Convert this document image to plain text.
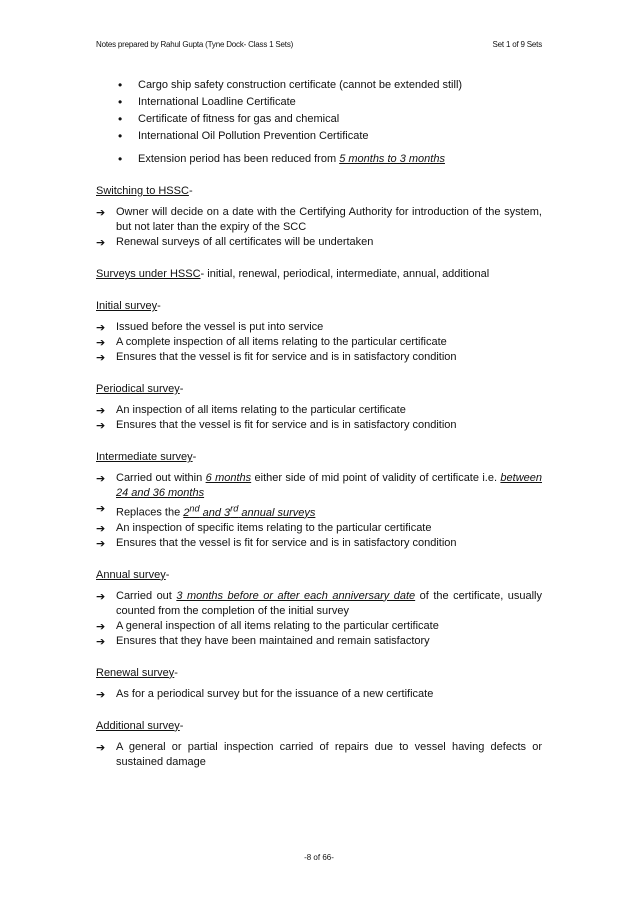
Notes prepared by Rahul Gupta (Tyne Dock- Class 1 Sets)	Set 1 of 9 Sets
• Cargo ship safety construction certificate (cannot be extended still)
• International Loadline Certificate
• Certificate of fitness for gas and chemical
• International Oil Pollution Prevention Certificate
• Extension period has been reduced from 5 months to 3 months
Switching to HSSC-
➔ Owner will decide on a date with the Certifying Authority for introduction of the system, but not later than the expiry of the SCC
➔ Renewal surveys of all certificates will be undertaken
Surveys under HSSC- initial, renewal, periodical, intermediate, annual, additional
Initial survey-
➔ Issued before the vessel is put into service
➔ A complete inspection of all items relating to the particular certificate
➔ Ensures that the vessel is fit for service and is in satisfactory condition
Periodical survey-
➔ An inspection of all items relating to the particular certificate
➔ Ensures that the vessel is fit for service and is in satisfactory condition
Intermediate survey-
➔ Carried out within 6 months either side of mid point of validity of certificate i.e. between 24 and 36 months
➔ Replaces the 2nd and 3rd annual surveys
➔ An inspection of specific items relating to the particular certificate
➔ Ensures that the vessel is fit for service and is in satisfactory condition
Annual survey-
➔ Carried out 3 months before or after each anniversary date of the certificate, usually counted from the completion of the initial survey
➔ A general inspection of all items relating to the particular certificate
➔ Ensures that they have been maintained and remain satisfactory
Renewal survey-
➔ As for a periodical survey but for the issuance of a new certificate
Additional survey-
➔ A general or partial inspection carried of repairs due to vessel having defects or sustained damage
-8 of 66-
